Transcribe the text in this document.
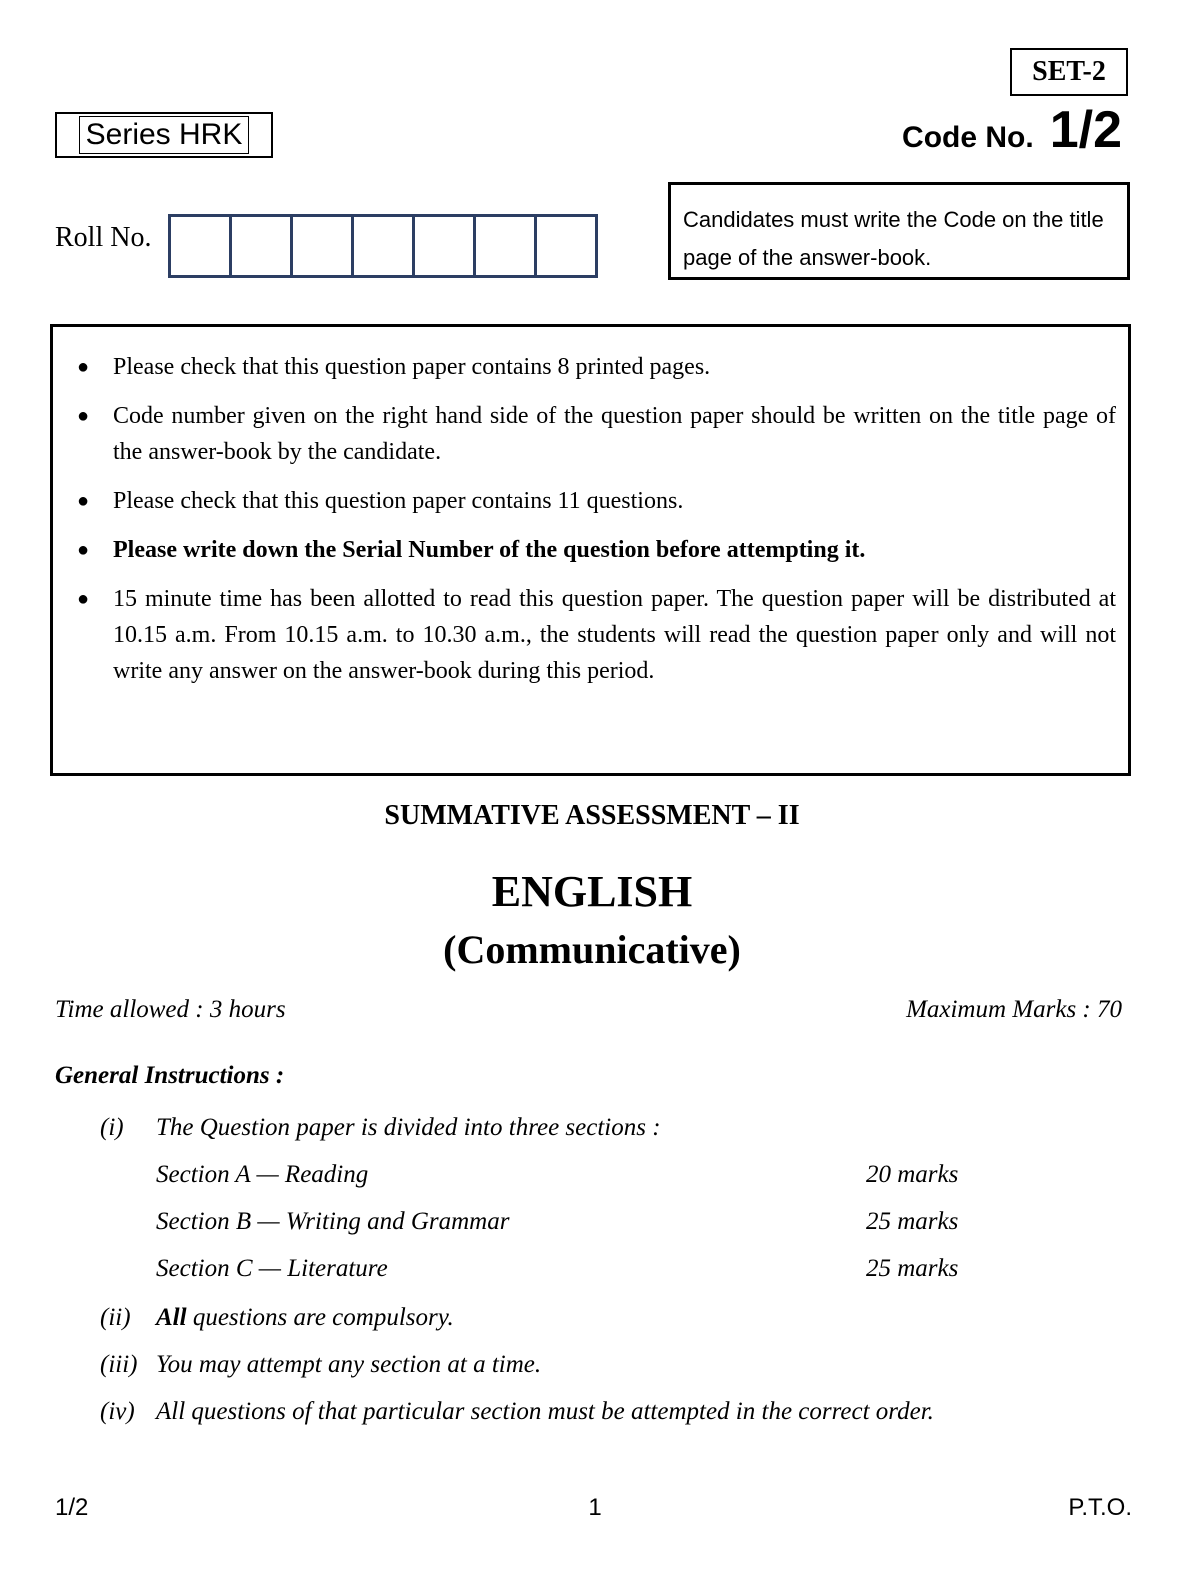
SET-2
Series HRK	Code No. 1/2
Roll No.
Candidates must write the Code on the title page of the answer-book.
● Please check that this question paper contains 8 printed pages.
● Code number given on the right hand side of the question paper should be written on the title page of the answer-book by the candidate.
● Please check that this question paper contains 11 questions.
● Please write down the Serial Number of the question before attempting it.
● 15 minute time has been allotted to read this question paper. The question paper will be distributed at 10.15 a.m. From 10.15 a.m. to 10.30 a.m., the students will read the question paper only and will not write any answer on the answer-book during this period.
SUMMATIVE ASSESSMENT – II
ENGLISH
(Communicative)
Time allowed : 3 hours	Maximum Marks : 70
General Instructions :
(i)	The Question paper is divided into three sections :
Section A — Reading	20 marks
Section B — Writing and Grammar	25 marks
Section C — Literature	25 marks
(ii)	All questions are compulsory.
(iii) You may attempt any section at a time.
(iv) All questions of that particular section must be attempted in the correct order.
1/2	1	P.T.O.
